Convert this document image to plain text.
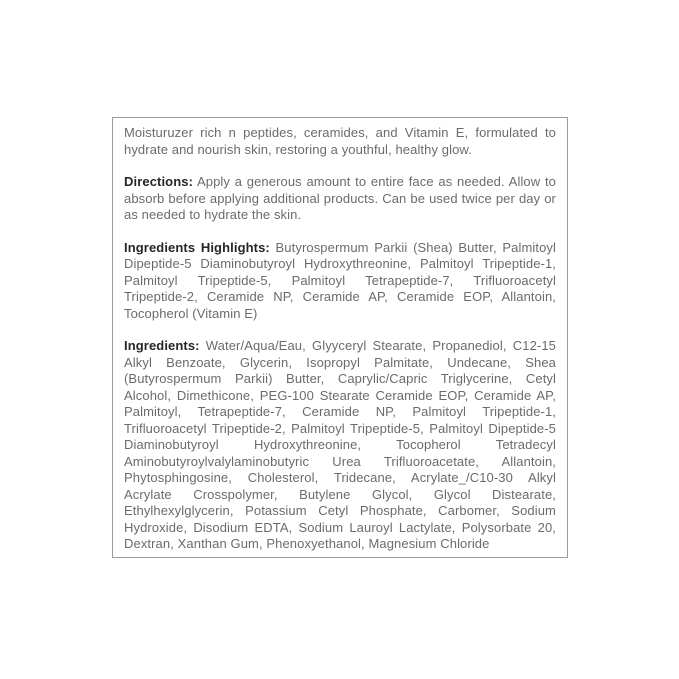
Moisturuzer rich n peptides, ceramides, and Vitamin E, formulated to hydrate and nourish skin, restoring a youthful, healthy glow.

Directions: Apply a generous amount to entire face as needed. Allow to absorb before applying additional products. Can be used twice per day or as needed to hydrate the skin.

Ingredients Highlights: Butyrospermum Parkii (Shea) Butter, Palmitoyl Dipeptide-5 Diaminobutyroyl Hydroxythreonine, Palmitoyl Tripeptide-1, Palmitoyl Tripeptide-5, Palmitoyl Tetrapeptide-7, Trifluoroacetyl Tripeptide-2, Ceramide NP, Ceramide AP, Ceramide EOP, Allantoin, Tocopherol (Vitamin E)

Ingredients: Water/Aqua/Eau, Glyyceryl Stearate, Propanediol, C12-15 Alkyl Benzoate, Glycerin, Isopropyl Palmitate, Undecane, Shea (Butyrospermum Parkii) Butter, Caprylic/Capric Triglycerine, Cetyl Alcohol, Dimethicone, PEG-100 Stearate Ceramide EOP, Ceramide AP, Palmitoyl, Tetrapeptide-7, Ceramide NP, Palmitoyl Tripeptide-1, Trifluoroacetyl Tripeptide-2, Palmitoyl Tripeptide-5, Palmitoyl Dipeptide-5 Diaminobutyroyl Hydroxythreonine, Tocopherol Tetradecyl Aminobutyroylvalylaminobutyric Urea Trifluoroacetate, Allantoin, Phytosphingosine, Cholesterol, Tridecane, Acrylate_/C10-30 Alkyl Acrylate Crosspolymer, Butylene Glycol, Glycol Distearate, Ethylhexylglycerin, Potassium Cetyl Phosphate, Carbomer, Sodium Hydroxide, Disodium EDTA, Sodium Lauroyl Lactylate, Polysorbate 20, Dextran, Xanthan Gum, Phenoxyethanol, Magnesium Chloride
